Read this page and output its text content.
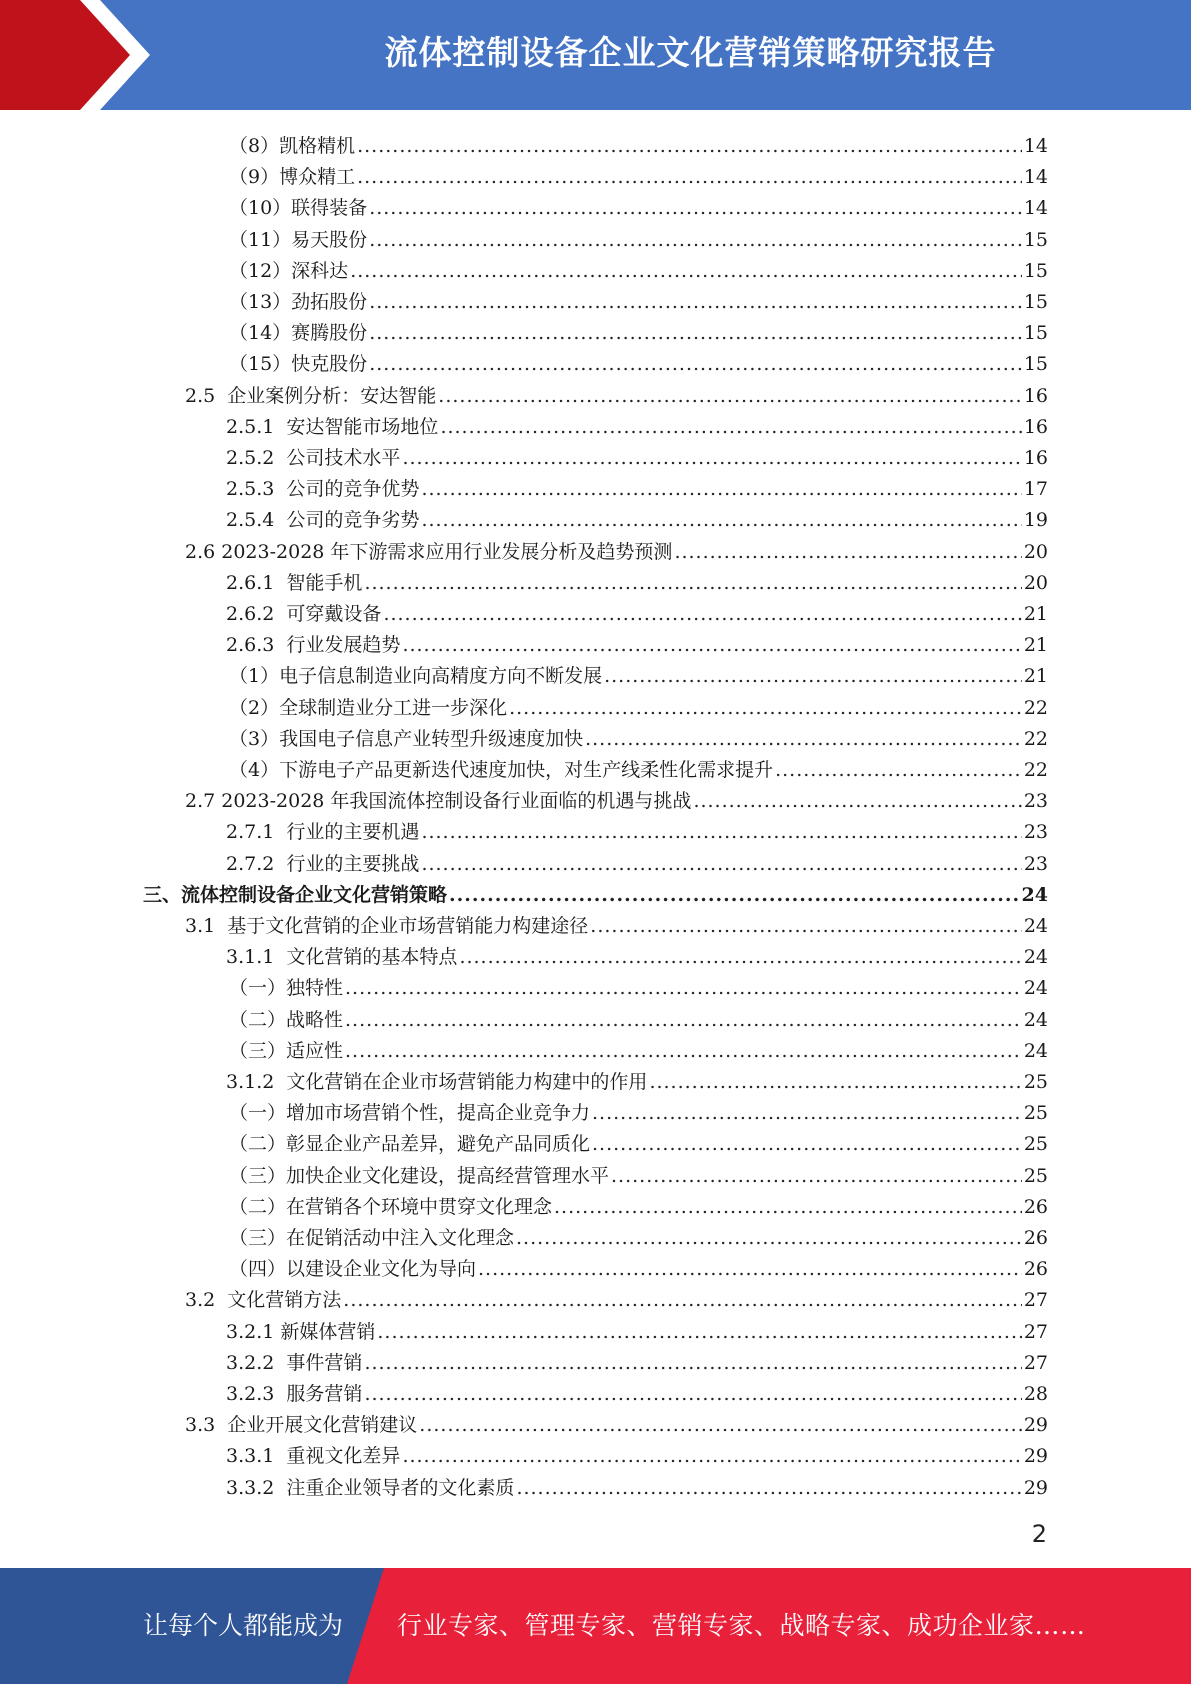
流体控制设备企业文化营销策略研究报告
（8）凯格精机 .....	14
（9）博众精工 .....	14
（10）联得装备 .....	14
（11）易天股份 .....	15
（12）深科达 .....	15
（13）劲拓股份 .....	15
（14）赛腾股份 .....	15
（15）快克股份 .....	15
2.5  企业案例分析：安达智能 .....	16
2.5.1  安达智能市场地位 .....	16
2.5.2  公司技术水平 .....	16
2.5.3  公司的竞争优势 .....	17
2.5.4  公司的竞争劣势 .....	19
2.6 2023-2028 年下游需求应用行业发展分析及趋势预测 .....	20
2.6.1  智能手机 .....	20
2.6.2  可穿戴设备 .....	21
2.6.3  行业发展趋势 .....	21
（1）电子信息制造业向高精度方向不断发展 .....	21
（2）全球制造业分工进一步深化 .....	22
（3）我国电子信息产业转型升级速度加快 .....	22
（4）下游电子产品更新迭代速度加快，对生产线柔性化需求提升 .....	22
2.7 2023-2028 年我国流体控制设备行业面临的机遇与挑战 .....	23
2.7.1  行业的主要机遇 .....	23
2.7.2  行业的主要挑战 .....	23
三、流体控制设备企业文化营销策略 .....	24
3.1  基于文化营销的企业市场营销能力构建途径 .....	24
3.1.1  文化营销的基本特点 .....	24
（一）独特性 .....	24
（二）战略性 .....	24
（三）适应性 .....	24
3.1.2  文化营销在企业市场营销能力构建中的作用 .....	25
（一）增加市场营销个性，提高企业竞争力 .....	25
（二）彰显企业产品差异，避免产品同质化 .....	25
（三）加快企业文化建设，提高经营管理水平 .....	25
（二）在营销各个环境中贯穿文化理念 .....	26
（三）在促销活动中注入文化理念 .....	26
（四）以建设企业文化为导向 .....	26
3.2  文化营销方法 .....	27
3.2.1 新媒体营销 .....	27
3.2.2  事件营销 .....	27
3.2.3  服务营销 .....	28
3.3  企业开展文化营销建议 .....	29
3.3.1  重视文化差异 .....	29
3.3.2  注重企业领导者的文化素质 .....	29
2
让每个人都能成为 行业专家、管理专家、营销专家、战略专家、成功企业家……
